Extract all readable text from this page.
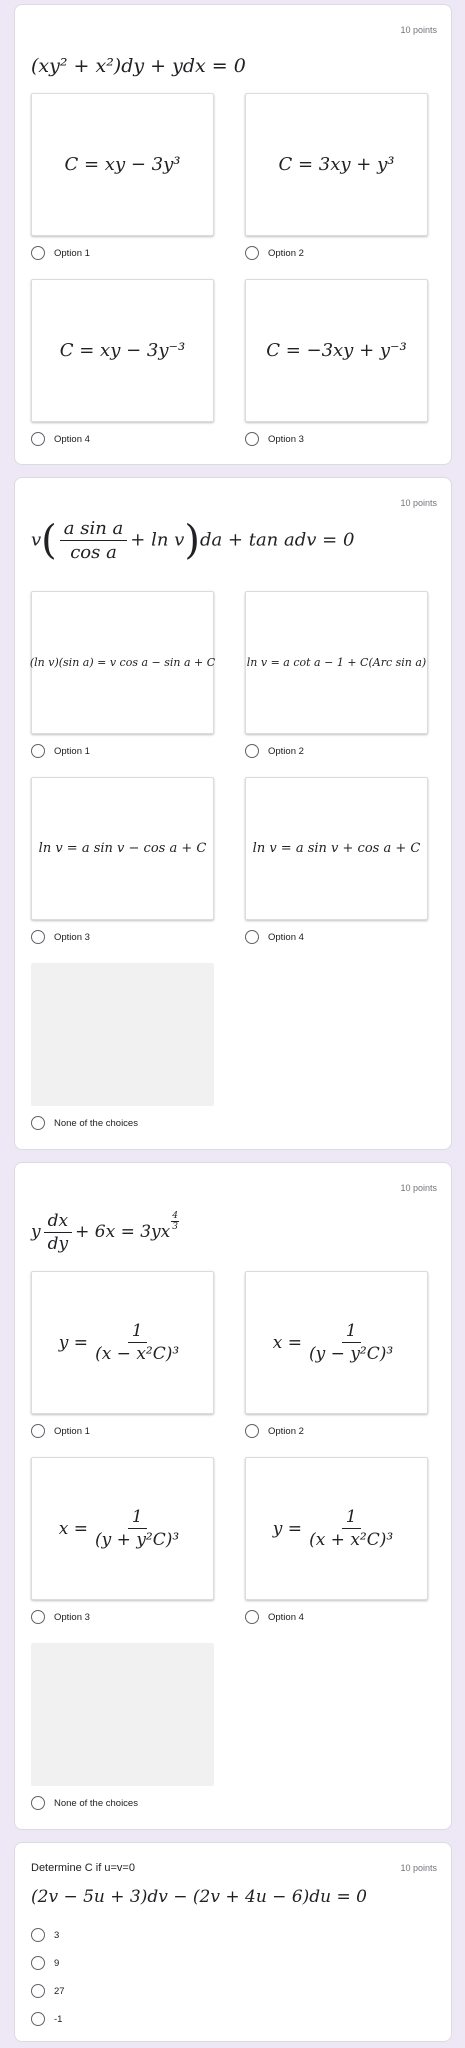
10 points
(xy² + x²)dy + ydx = 0
C = xy − 3y³	C = 3xy + y³
Option 1	Option 2
C = xy − 3y⁻³	C = −3xy + y⁻³
Option 4	Option 3
10 points
$v( \frac{\text{a sin a}}{\text{cos a}} + \ln v)da + \tan$ adv = 0
(ln v)(sin a) = v cos a − sin a + C	ln v = a cot a − 1 + C(Arc sin a)
Option 1	Option 2
ln v = a sin v − cos a + C	ln v = a sin v + cos a + C
Option 3	Option 4
None of the choices
10 points
y $\frac{dx}{dy} + 6x = 3yx \frac{4}{3}$
$y = \frac{1}{\text{(x − x²C)³}}$	$x = \frac{1}{\text{(y − y²C)³}}$
Option 1	Option 2
$x = \frac{1}{\text{(y + y²C)³}}$	$y = \frac{1}{\text{(x + x²C)³}}$
Option 3	Option 4
None of the choices
10 points
Determine C if u=v=0
(2v − 5u + 3)dv − (2v + 4u − 6)du = 0
3
9
27
-1
